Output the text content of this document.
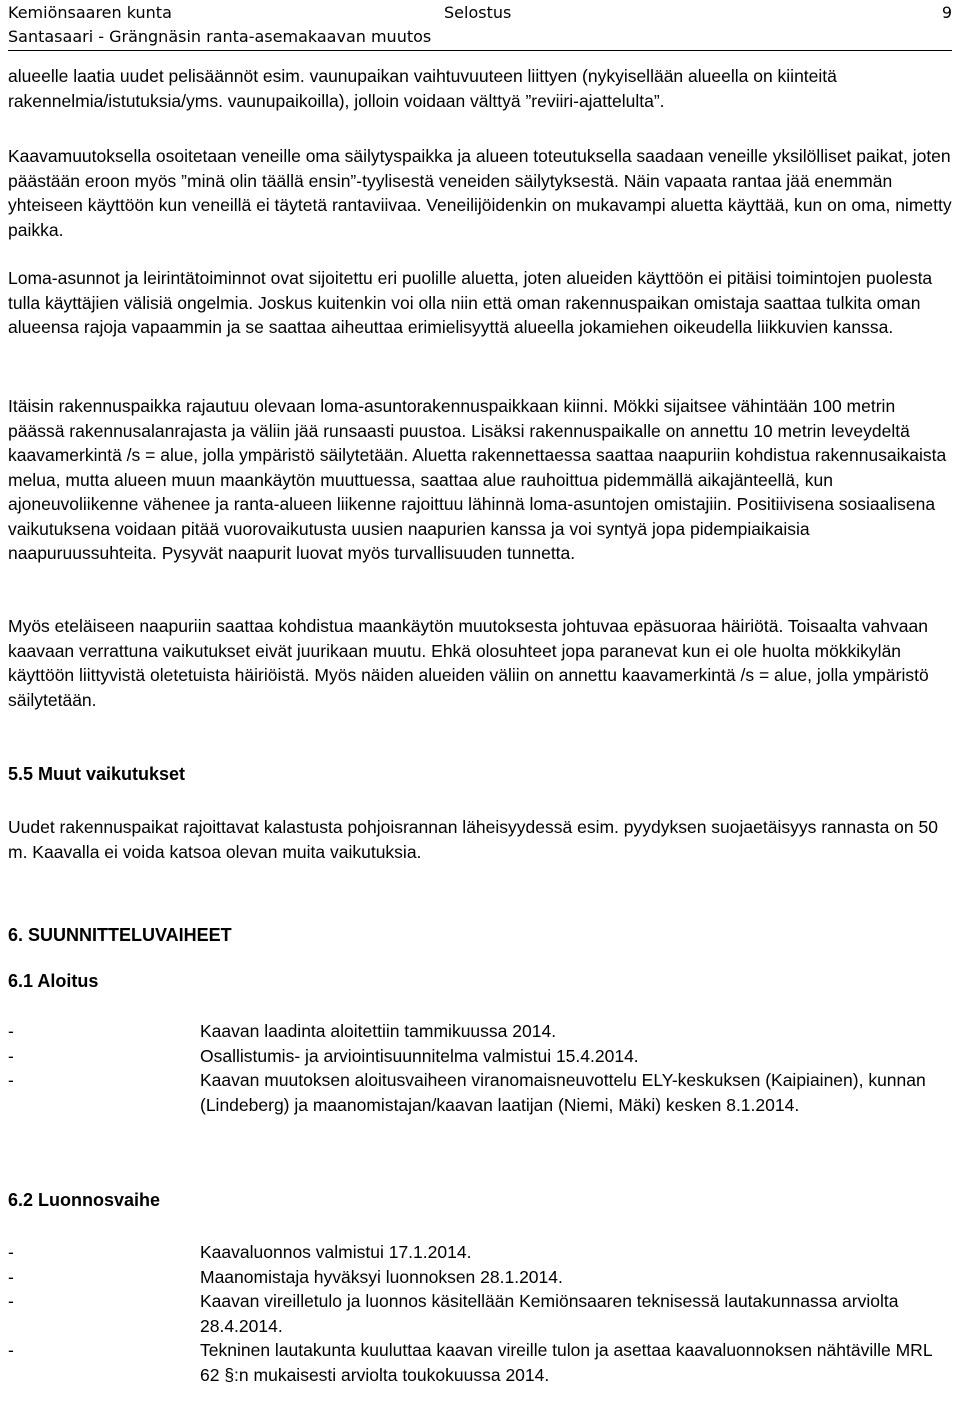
Kemiönsaaren kunta
Santasaari - Grängnäsin ranta-asemakaavan muutos
Selostus	9

alueelle laatia uudet pelisäännöt esim. vaunupaikan vaihtuvuuteen liittyen (nykyisellään alueella on kiinteitä rakennelmia/istutuksia/yms. vaunupaikoilla), jolloin voidaan välttyä ”reviiri-ajattelulta”.

Kaavamuutoksella osoitetaan veneille oma säilytyspaikka ja alueen toteutuksella saadaan veneille yksilölliset paikat, joten päästään eroon myös ”minä olin täällä ensin”-tyylisestä veneiden säilytyksestä. Näin vapaata rantaa jää enemmän yhteiseen käyttöön kun veneillä ei täytetä rantaviivaa. Veneilijöidenkin on mukavampi aluetta käyttää, kun on oma, nimetty paikka.

Loma-asunnot ja leirintätoiminnot ovat sijoitettu eri puolille aluetta, joten alueiden käyttöön ei pitäisi toimintojen puolesta tulla käyttäjien välisiä ongelmia. Joskus kuitenkin voi olla niin että oman rakennuspaikan omistaja saattaa tulkita oman alueensa rajoja vapaammin ja se saattaa aiheuttaa erimielisyyttä alueella jokamiehen oikeudella liikkuvien kanssa.

Itäisin rakennuspaikka rajautuu olevaan loma-asuntorakennuspaikkaan kiinni. Mökki sijaitsee vähintään 100 metrin päässä rakennusalanrajasta ja väliin jää runsaasti puustoa. Lisäksi rakennuspaikalle on annettu 10 metrin leveydeltä kaavamerkintä /s = alue, jolla ympäristö säilytetään. Aluetta rakennettaessa saattaa naapuriin kohdistua rakennusaikaista melua, mutta alueen muun maankäytön muuttuessa, saattaa alue rauhoittua pidemmällä aikajänteellä, kun ajoneuvoliikenne vähenee ja ranta-alueen liikenne rajoittuu lähinnä loma-asuntojen omistajiin. Positiivisena sosiaalisena vaikutuksena voidaan pitää vuorovaikutusta uusien naapurien kanssa ja voi syntyä jopa pidempiaikaisia naapuruussuhteita. Pysyvät naapurit luovat myös turvallisuuden tunnetta.

Myös eteläiseen naapuriin saattaa kohdistua maankäytön muutoksesta johtuvaa epäsuoraa häiriötä. Toisaalta vahvaan kaavaan verrattuna vaikutukset eivät juurikaan muutu. Ehkä olosuhteet jopa paranevat kun ei ole huolta mökkikylän käyttöön liittyvistä oletetuista häiriöistä. Myös näiden alueiden väliin on annettu kaavamerkintä /s = alue, jolla ympäristö säilytetään.

5.5 Muut vaikutukset

Uudet rakennuspaikat rajoittavat kalastusta pohjoisrannan läheisyydessä esim. pyydyksen suojaetäisyys rannasta on 50 m. Kaavalla ei voida katsoa olevan muita vaikutuksia.

6. SUUNNITTELUVAIHEET

6.1 Aloitus

-	Kaavan laadinta aloitettiin tammikuussa 2014.
-	Osallistumis- ja arviointisuunnitelma valmistui 15.4.2014.
-	Kaavan muutoksen aloitusvaiheen viranomaisneuvottelu ELY-keskuksen (Kaipiainen), kunnan (Lindeberg) ja maanomistajan/kaavan laatijan (Niemi, Mäki) kesken 8.1.2014.

6.2 Luonnosvaihe

-	Kaavaluonnos valmistui 17.1.2014.
-	Maanomistaja hyväksyi luonnoksen 28.1.2014.
-	Kaavan vireilletulo ja luonnos käsitellään Kemiönsaaren teknisessä lautakunnassa arviolta 28.4.2014.
-	Tekninen lautakunta kuuluttaa kaavan vireille tulon ja asettaa kaavaluonnoksen nähtäville MRL 62 §:n mukaisesti arviolta toukokuussa 2014.
